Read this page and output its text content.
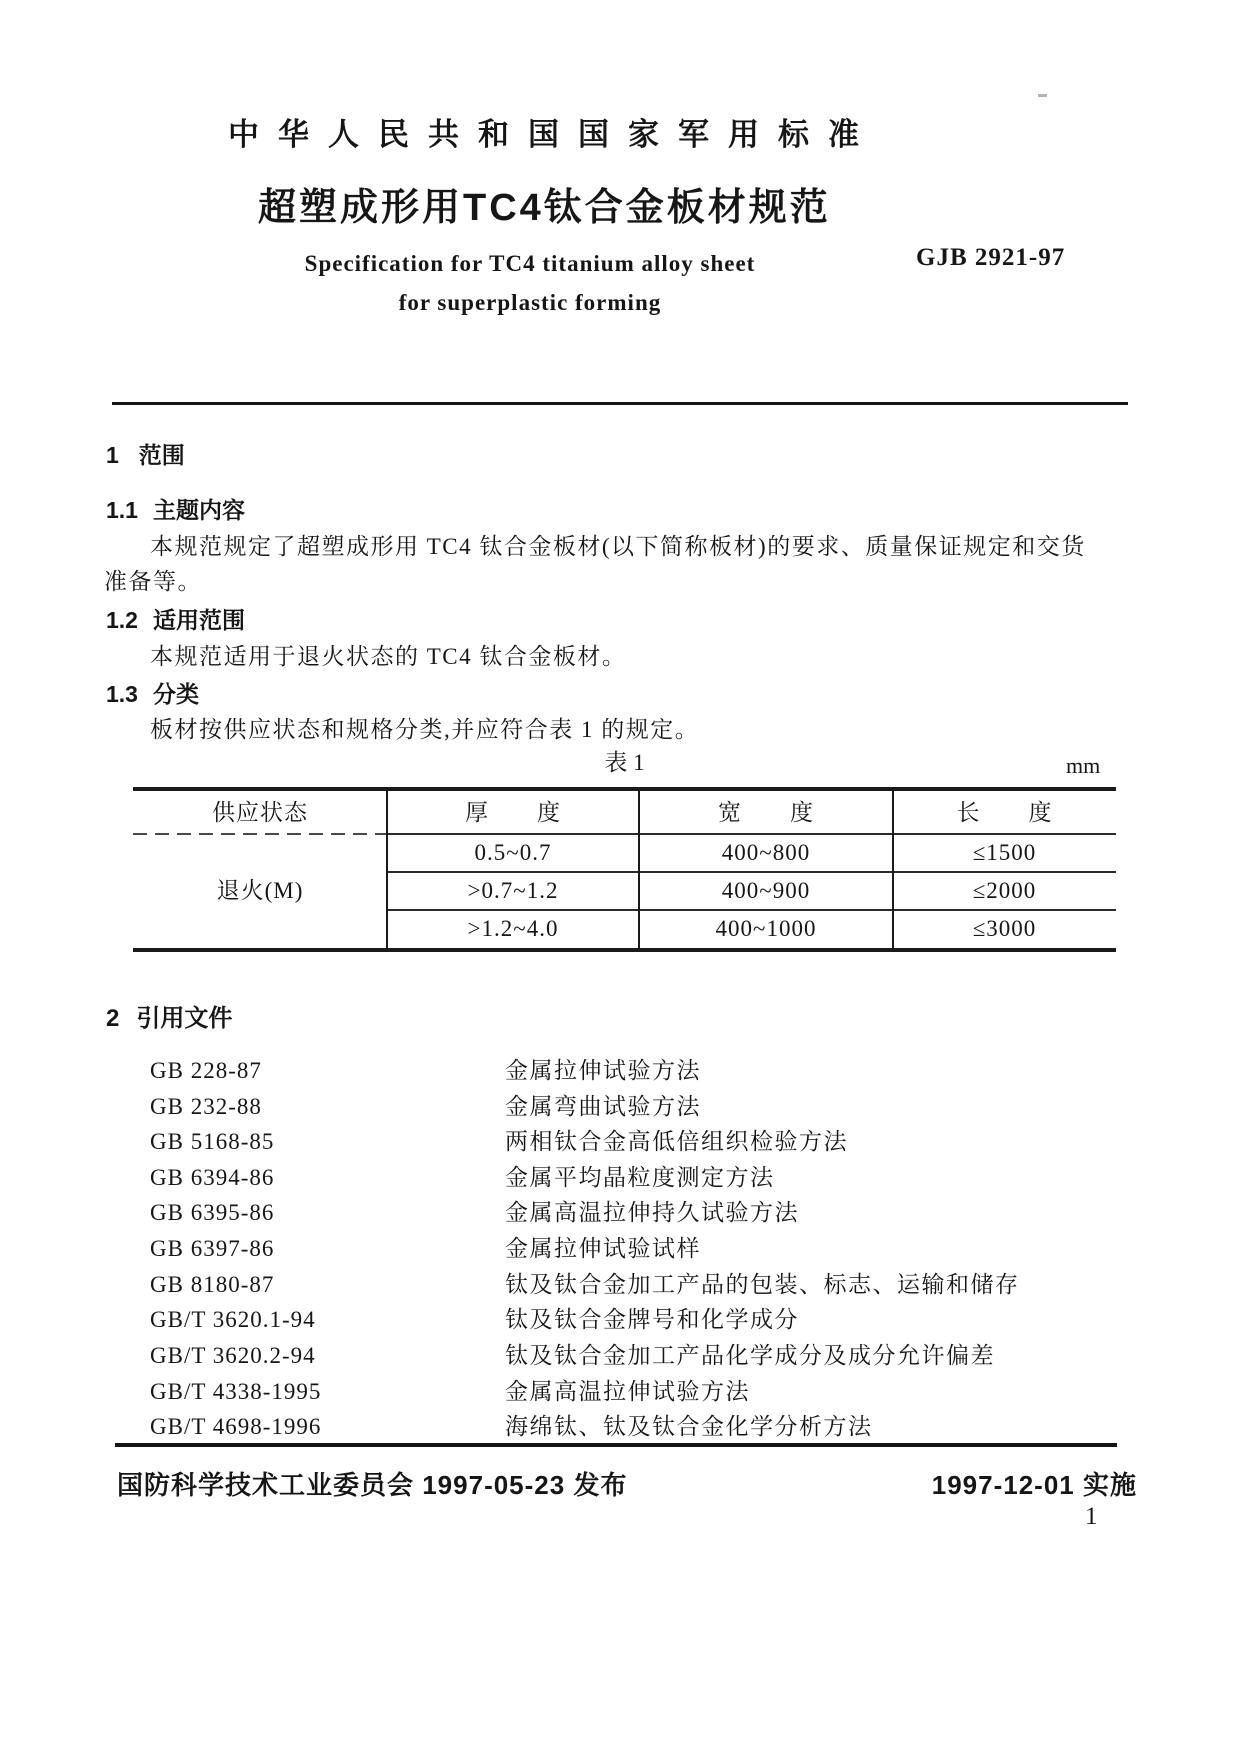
中华人民共和国国家军用标准
超塑成形用TC4钛合金板材规范
Specification for TC4 titanium alloy sheet
for superplastic forming
GJB 2921-97
1 范围
1.1 主题内容
本规范规定了超塑成形用 TC4 钛合金板材(以下简称板材)的要求、质量保证规定和交货
准备等。
1.2 适用范围
本规范适用于退火状态的 TC4 钛合金板材。
1.3 分类
板材按供应状态和规格分类,并应符合表 1 的规定。
表 1	mm
供应状态	厚　　度	宽　　度	长　　度
退火(M)
0.5~0.7	400~800	≤1500
>0.7~1.2	400~900	≤2000
>1.2~4.0	400~1000	≤3000
2 引用文件
GB 228-87	金属拉伸试验方法
GB 232-88	金属弯曲试验方法
GB 5168-85	两相钛合金高低倍组织检验方法
GB 6394-86	金属平均晶粒度测定方法
GB 6395-86	金属高温拉伸持久试验方法
GB 6397-86	金属拉伸试验试样
GB 8180-87	钛及钛合金加工产品的包装、标志、运输和储存
GB/T 3620.1-94	钛及钛合金牌号和化学成分
GB/T 3620.2-94	钛及钛合金加工产品化学成分及成分允许偏差
GB/T 4338-1995	金属高温拉伸试验方法
GB/T 4698-1996	海绵钛、钛及钛合金化学分析方法
国防科学技术工业委员会 1997-05-23 发布	1997-12-01 实施
1
